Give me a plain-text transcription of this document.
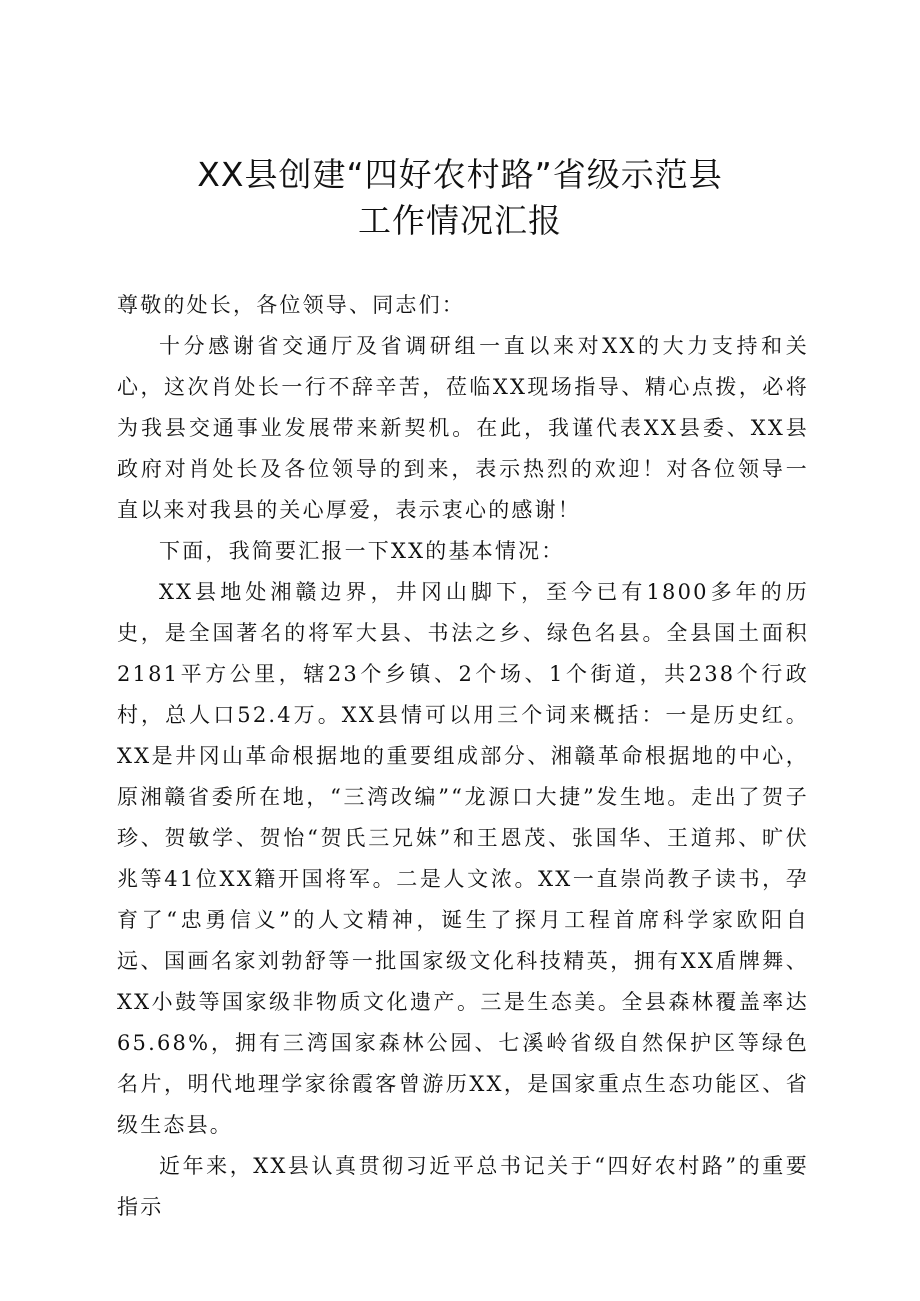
XX县创建“四好农村路”省级示范县
工作情况汇报

尊敬的处长，各位领导、同志们：

十分感谢省交通厅及省调研组一直以来对XX的大力支持和关心，这次肖处长一行不辞辛苦，莅临XX现场指导、精心点拨，必将为我县交通事业发展带来新契机。在此，我谨代表XX县委、XX县政府对肖处长及各位领导的到来，表示热烈的欢迎！对各位领导一直以来对我县的关心厚爱，表示衷心的感谢！

下面，我简要汇报一下XX的基本情况：

XX县地处湘赣边界，井冈山脚下，至今已有1800多年的历史，是全国著名的将军大县、书法之乡、绿色名县。全县国土面积2181平方公里，辖23个乡镇、2个场、1个街道，共238个行政村，总人口52.4万。XX县情可以用三个词来概括：一是历史红。XX是井冈山革命根据地的重要组成部分、湘赣革命根据地的中心，原湘赣省委所在地，“三湾改编”“龙源口大捷”发生地。走出了贺子珍、贺敏学、贺怡“贺氏三兄妹”和王恩茂、张国华、王道邦、旷伏兆等41位XX籍开国将军。二是人文浓。XX一直崇尚教子读书，孕育了“忠勇信义”的人文精神，诞生了探月工程首席科学家欧阳自远、国画名家刘勃舒等一批国家级文化科技精英，拥有XX盾牌舞、XX小鼓等国家级非物质文化遗产。三是生态美。全县森林覆盖率达65.68%，拥有三湾国家森林公园、七溪岭省级自然保护区等绿色名片，明代地理学家徐霞客曾游历XX，是国家重点生态功能区、省级生态县。

近年来，XX县认真贯彻习近平总书记关于“四好农村路”的重要指示
